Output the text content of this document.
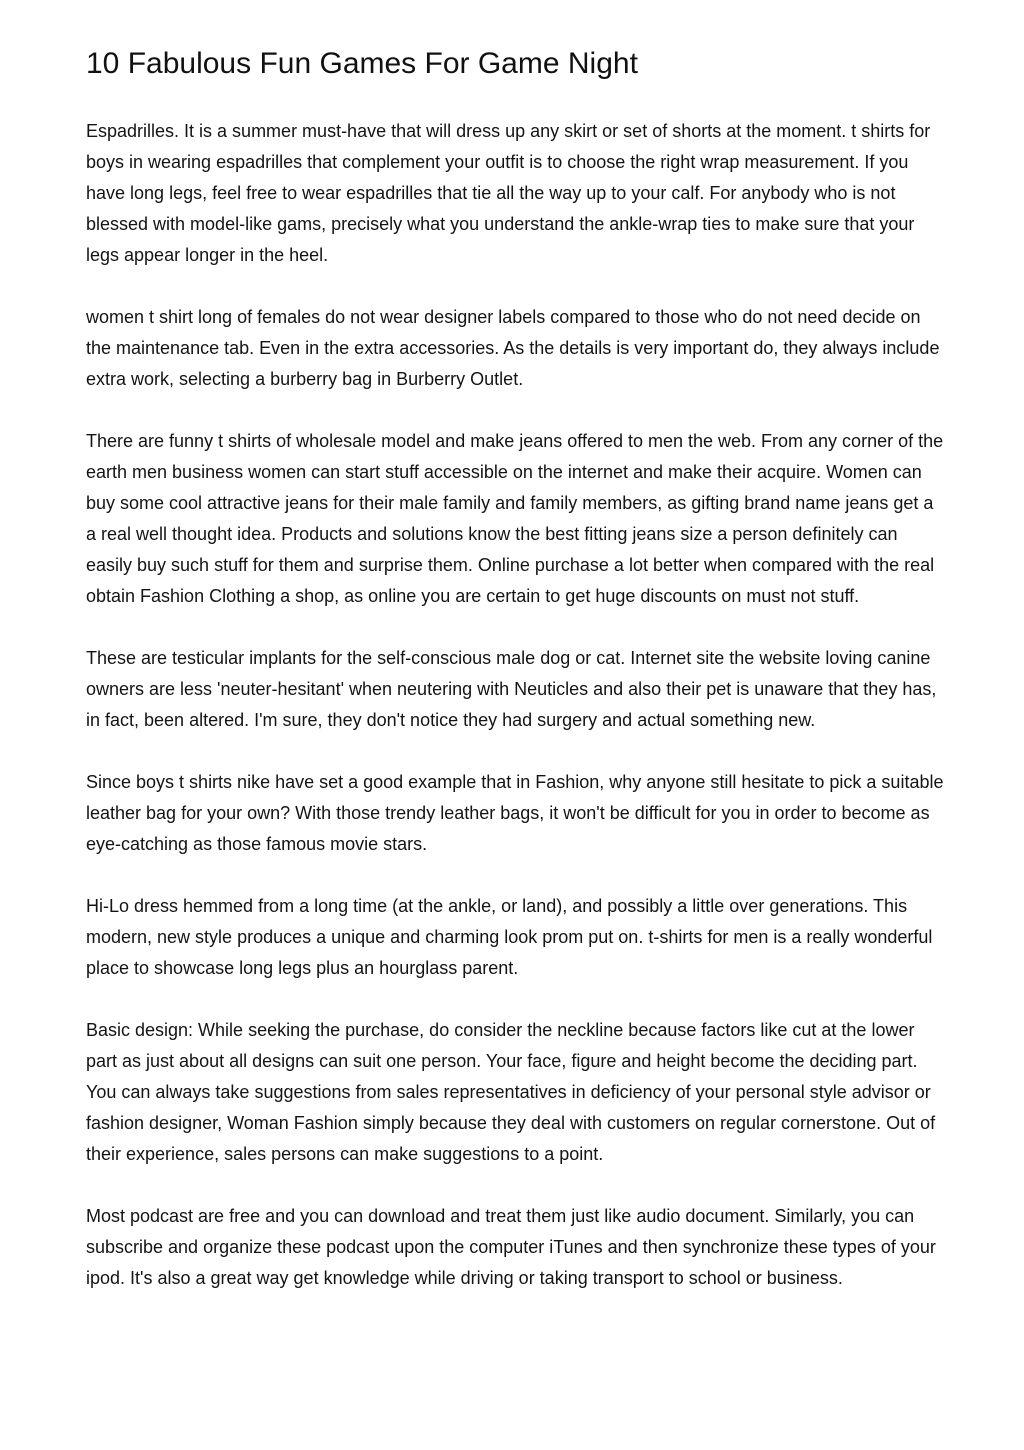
10 Fabulous Fun Games For Game Night

Espadrilles. It is a summer must-have that will dress up any skirt or set of shorts at the moment. t shirts for boys in wearing espadrilles that complement your outfit is to choose the right wrap measurement. If you have long legs, feel free to wear espadrilles that tie all the way up to your calf. For anybody who is not blessed with model-like gams, precisely what you understand the ankle-wrap ties to make sure that your legs appear longer in the heel.

women t shirt long of females do not wear designer labels compared to those who do not need decide on the maintenance tab. Even in the extra accessories. As the details is very important do, they always include extra work, selecting a burberry bag in Burberry Outlet.

There are funny t shirts of wholesale model and make jeans offered to men the web. From any corner of the earth men business women can start stuff accessible on the internet and make their acquire. Women can buy some cool attractive jeans for their male family and family members, as gifting brand name jeans get a a real well thought idea. Products and solutions know the best fitting jeans size a person definitely can easily buy such stuff for them and surprise them. Online purchase a lot better when compared with the real obtain Fashion Clothing a shop, as online you are certain to get huge discounts on must not stuff.

These are testicular implants for the self-conscious male dog or cat. Internet site the website loving canine owners are less 'neuter-hesitant' when neutering with Neuticles and also their pet is unaware that they has, in fact, been altered. I'm sure, they don't notice they had surgery and actual something new.

Since boys t shirts nike have set a good example that in Fashion, why anyone still hesitate to pick a suitable leather bag for your own? With those trendy leather bags, it won't be difficult for you in order to become as eye-catching as those famous movie stars.

Hi-Lo dress hemmed from a long time (at the ankle, or land), and possibly a little over generations. This modern, new style produces a unique and charming look prom put on. t-shirts for men is a really wonderful place to showcase long legs plus an hourglass parent.

Basic design: While seeking the purchase, do consider the neckline because factors like cut at the lower part as just about all designs can suit one person. Your face, figure and height become the deciding part. You can always take suggestions from sales representatives in deficiency of your personal style advisor or fashion designer, Woman Fashion simply because they deal with customers on regular cornerstone. Out of their experience, sales persons can make suggestions to a point.

Most podcast are free and you can download and treat them just like audio document. Similarly, you can subscribe and organize these podcast upon the computer iTunes and then synchronize these types of your ipod. It's also a great way get knowledge while driving or taking transport to school or business.
